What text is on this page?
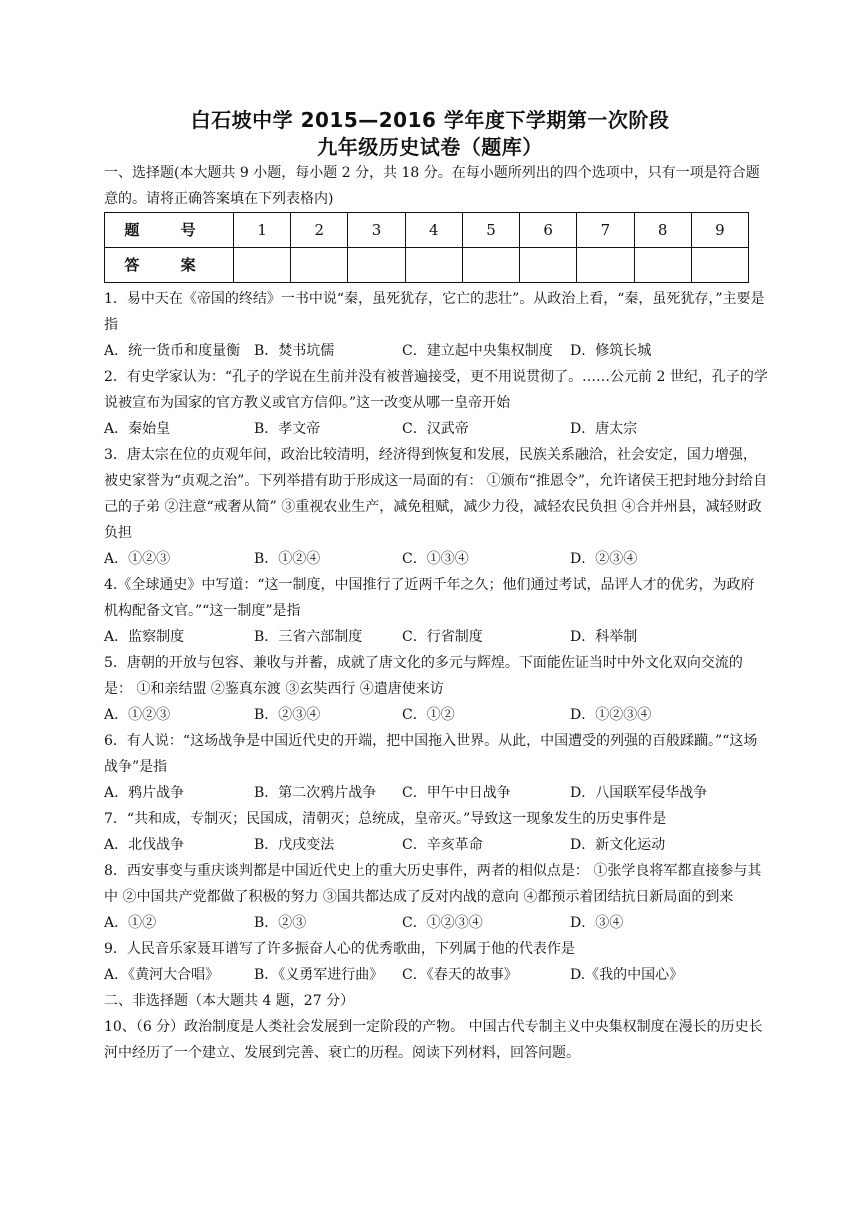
白石坡中学 2015—2016 学年度下学期第一次阶段
九年级历史试卷（题库）

一、选择题(本大题共 9 小题，每小题 2 分，共 18 分。在每小题所列出的四个选项中，只有一项是符合题意的。请将正确答案填在下列表格内)

题 号	1	2	3	4	5	6	7	8	9
答 案									

1．易中天在《帝国的终结》一书中说“秦，虽死犹存，它亡的悲壮”。从政治上看，“秦，虽死犹存，”主要是指

A．统一货币和度量衡 B．焚书坑儒	C．建立起中央集权制度	D．修筑长城

2．有史学家认为：“孔子的学说在生前并没有被普遍接受，更不用说贯彻了。……公元前 2 世纪，孔子的学说被宣布为国家的官方教义或官方信仰。”这一改变从哪一皇帝开始

A．秦始皇	B．孝文帝	C．汉武帝	D．唐太宗

3．唐太宗在位的贞观年间，政治比较清明，经济得到恢复和发展，民族关系融洽，社会安定，国力增强，被史家誉为“贞观之治”。下列举措有助于形成这一局面的有： ①颁布“推恩令”，允许诸侯王把封地分封给自己的子弟 ②注意“戒奢从简” ③重视农业生产，减免租赋，减少力役，减轻农民负担 ④合并州县，减轻财政负担

A．①②③	B．①②④	C．①③④	D．②③④

4.《全球通史》中写道：“这一制度，中国推行了近两千年之久；他们通过考试，品评人才的优劣，为政府机构配备文官。”“这一制度”是指

A．监察制度	B．三省六部制度	C．行省制度	D．科举制

5．唐朝的开放与包容、兼收与并蓄，成就了唐文化的多元与辉煌。下面能佐证当时中外文化双向交流的是： ①和亲结盟 ②鉴真东渡 ③玄奘西行 ④遣唐使来访

A．①②③	B．②③④	C．①②	D．①②③④

6．有人说：“这场战争是中国近代史的开端，把中国拖入世界。从此，中国遭受的列强的百般蹂躏。”“这场战争”是指

A．鸦片战争	B．第二次鸦片战争	C．甲午中日战争	D．八国联军侵华战争

7．“共和成，专制灭；民国成，清朝灭；总统成，皇帝灭。”导致这一现象发生的历史事件是

A．北伐战争	B．戊戌变法	C．辛亥革命	D．新文化运动

8．西安事变与重庆谈判都是中国近代史上的重大历史事件，两者的相似点是： ①张学良将军都直接参与其中 ②中国共产党都做了积极的努力 ③国共都达成了反对内战的意向 ④都预示着团结抗日新局面的到来

A．①②	B．②③	C．①②③④	D．③④

9．人民音乐家聂耳谱写了许多振奋人心的优秀歌曲，下列属于他的代表作是

A．《黄河大合唱》	B．《义勇军进行曲》	C．《春天的故事》	D.《我的中国心》

二、非选择题（本大题共 4 题，27 分）

10、（6 分）政治制度是人类社会发展到一定阶段的产物。 中国古代专制主义中央集权制度在漫长的历史长河中经历了一个建立、发展到完善、衰亡的历程。阅读下列材料，回答问题。
